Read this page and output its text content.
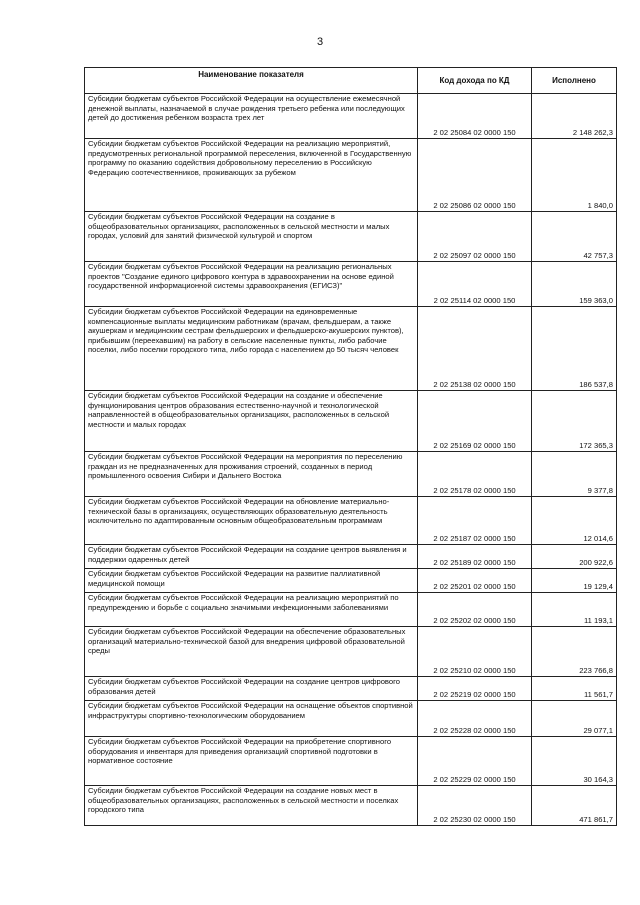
3
Наименование показателя	Код дохода по КД	Исполнено
Субсидии бюджетам субъектов Российской Федерации на осуществление ежемесячной денежной выплаты, назначаемой в случае рождения третьего ребенка или последующих детей до достижения ребенком возраста трех лет	2 02 25084 02 0000 150	2 148 262,3
Субсидии бюджетам субъектов Российской Федерации на реализацию мероприятий, предусмотренных региональной программой переселения, включенной в Государственную программу по оказанию содействия добровольному переселению в Российскую Федерацию соотечественников, проживающих за рубежом	2 02 25086 02 0000 150	1 840,0
Субсидии бюджетам субъектов Российской Федерации на создание в общеобразовательных организациях, расположенных в сельской местности и малых городах, условий для занятий физической культурой и спортом	2 02 25097 02 0000 150	42 757,3
Субсидии бюджетам субъектов Российской Федерации на реализацию региональных проектов "Создание единого цифрового контура в здравоохранении на основе единой государственной информационной системы здравоохранения (ЕГИСЗ)"	2 02 25114 02 0000 150	159 363,0
Субсидии бюджетам субъектов Российской Федерации на единовременные компенсационные выплаты медицинским работникам (врачам, фельдшерам, а также акушеркам и медицинским сестрам фельдшерских и фельдшерско-акушерских пунктов), прибывшим (переехавшим) на работу в сельские населенные пункты, либо рабочие поселки, либо поселки городского типа, либо города с населением до 50 тысяч человек	2 02 25138 02 0000 150	186 537,8
Субсидии бюджетам субъектов Российской Федерации на создание и обеспечение функционирования центров образования естественно-научной и технологической направленностей в общеобразовательных организациях, расположенных в сельской местности и малых городах	2 02 25169 02 0000 150	172 365,3
Субсидии бюджетам субъектов Российской Федерации на мероприятия по переселению граждан из не предназначенных для проживания строений, созданных в период промышленного освоения Сибири и Дальнего Востока	2 02 25178 02 0000 150	9 377,8
Субсидии бюджетам субъектов Российской Федерации на обновление материально-технической базы в организациях, осуществляющих образовательную деятельность исключительно по адаптированным основным общеобразовательным программам	2 02 25187 02 0000 150	12 014,6
Субсидии бюджетам субъектов Российской Федерации на создание центров выявления и поддержки одаренных детей	2 02 25189 02 0000 150	200 922,6
Субсидии бюджетам субъектов Российской Федерации на развитие паллиативной медицинской помощи	2 02 25201 02 0000 150	19 129,4
Субсидии бюджетам субъектов Российской Федерации на реализацию мероприятий по предупреждению и борьбе с социально значимыми инфекционными заболеваниями	2 02 25202 02 0000 150	11 193,1
Субсидии бюджетам субъектов Российской Федерации на обеспечение образовательных организаций материально-технической базой для внедрения цифровой образовательной среды	2 02 25210 02 0000 150	223 766,8
Субсидии бюджетам субъектов Российской Федерации на создание центров цифрового образования детей	2 02 25219 02 0000 150	11 561,7
Субсидии бюджетам субъектов Российской Федерации на оснащение объектов спортивной инфраструктуры спортивно-технологическим оборудованием	2 02 25228 02 0000 150	29 077,1
Субсидии бюджетам субъектов Российской Федерации на приобретение спортивного оборудования и инвентаря для приведения организаций спортивной подготовки в нормативное состояние	2 02 25229 02 0000 150	30 164,3
Субсидии бюджетам субъектов Российской Федерации на создание новых мест в общеобразовательных организациях, расположенных в сельской местности и поселках городского типа	2 02 25230 02 0000 150	471 861,7
